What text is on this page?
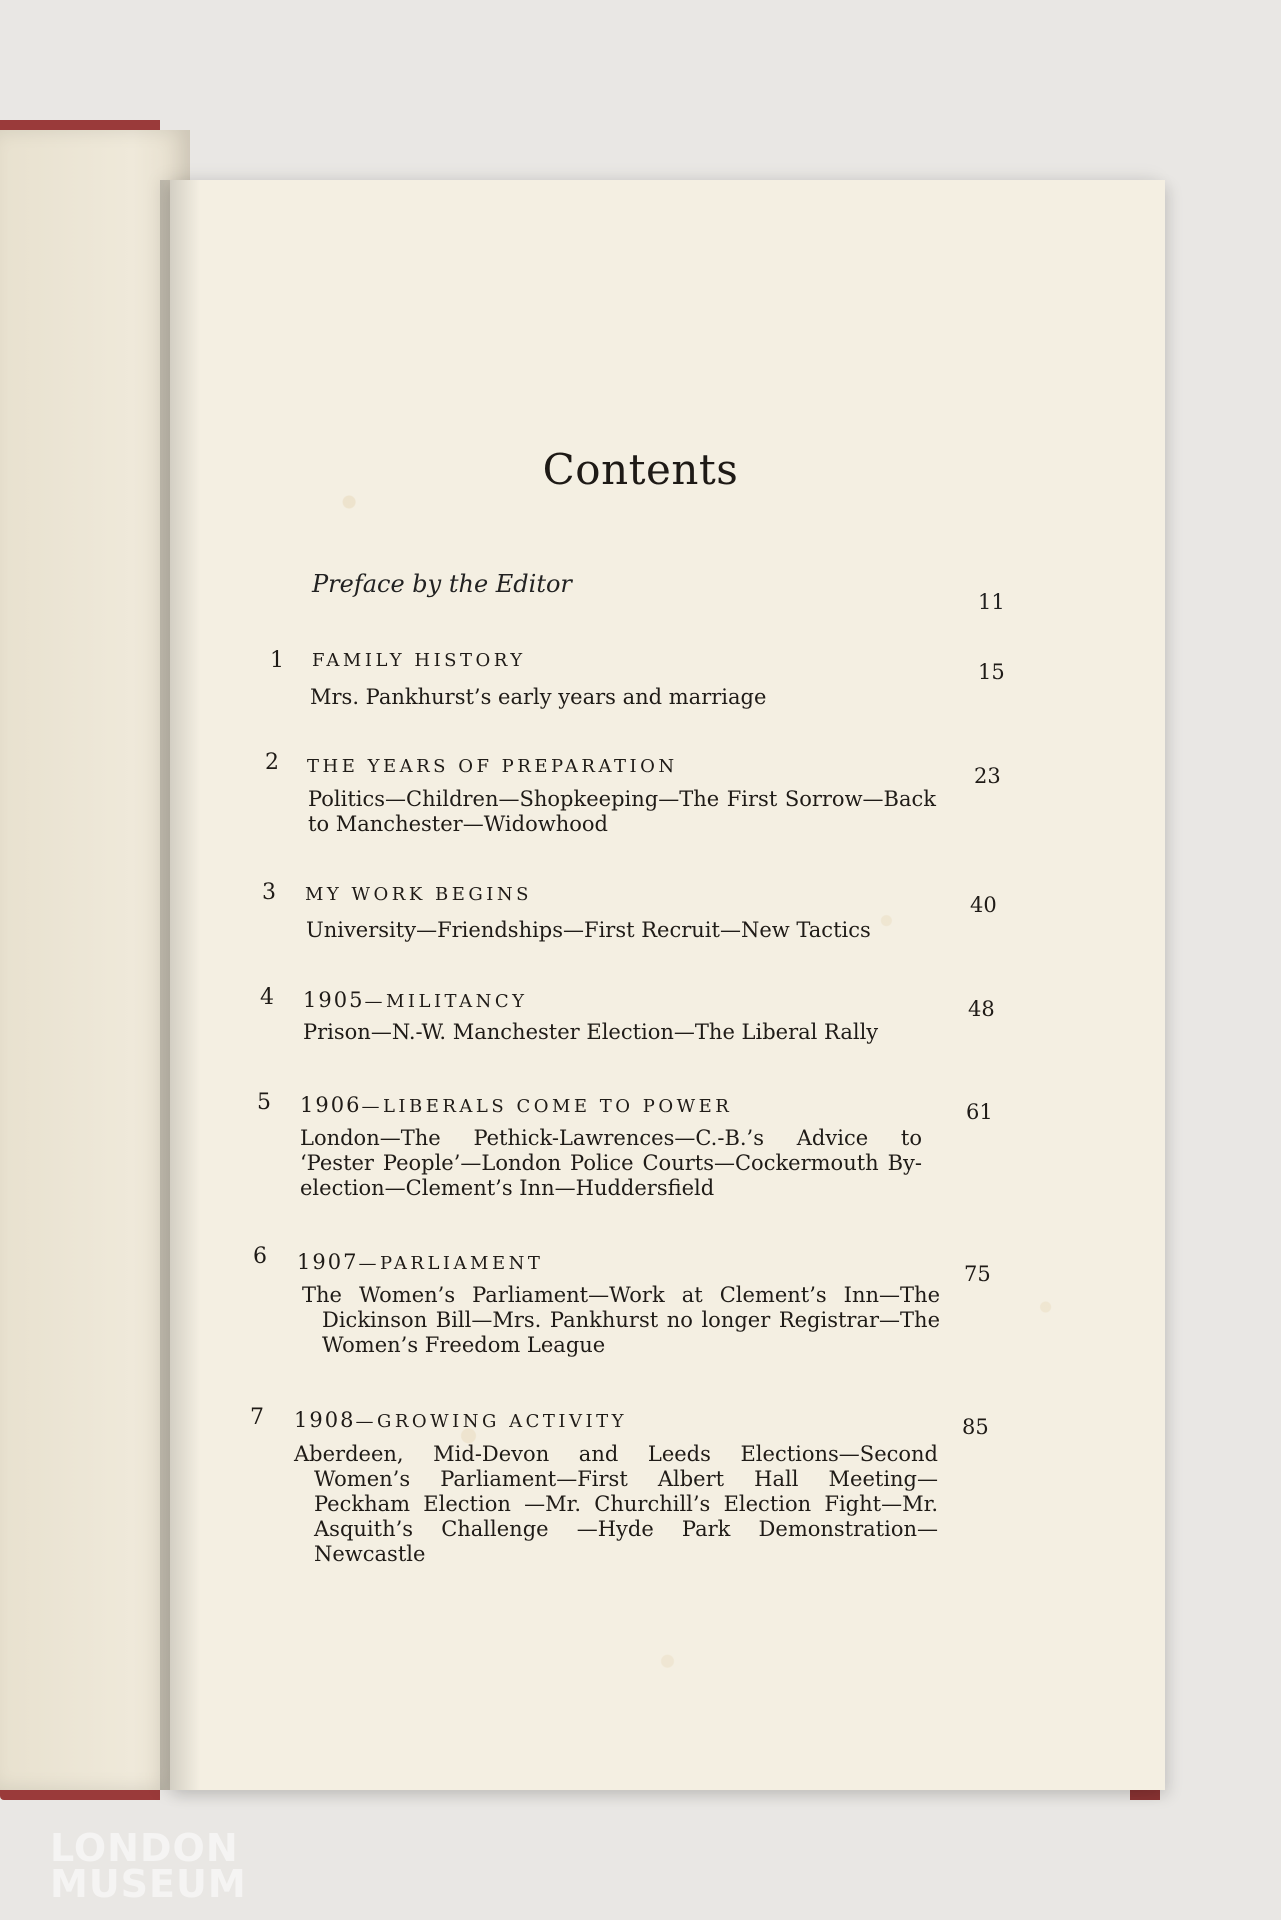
Contents
Preface by the Editor
11
1 FAMILY HISTORY
Mrs. Pankhurst’s early years and marriage
15
2 THE YEARS OF PREPARATION
Politics—Children—Shopkeeping—The First Sorrow—Back to Manchester—Widowhood
23
3 MY WORK BEGINS
University—Friendships—First Recruit—New Tactics
40
4 1905—MILITANCY
Prison—N.-W. Manchester Election—The Liberal Rally
48
5 1906—LIBERALS COME TO POWER
London—The Pethick-Lawrences—C.-B.’s Advice to ‘Pester People’—London Police Courts—Cockermouth By-election—Clement’s Inn—Huddersfield
61
6 1907—PARLIAMENT
The Women’s Parliament—Work at Clement’s Inn—The Dickinson Bill—Mrs. Pankhurst no longer Registrar—The Women’s Freedom League
75
7 1908—GROWING ACTIVITY
Aberdeen, Mid-Devon and Leeds Elections—Second Women’s Parliament—First Albert Hall Meeting—Peckham Election —Mr. Churchill’s Election Fight—Mr. Asquith’s Challenge —Hyde Park Demonstration—Newcastle
85
LONDON
MUSEUM
